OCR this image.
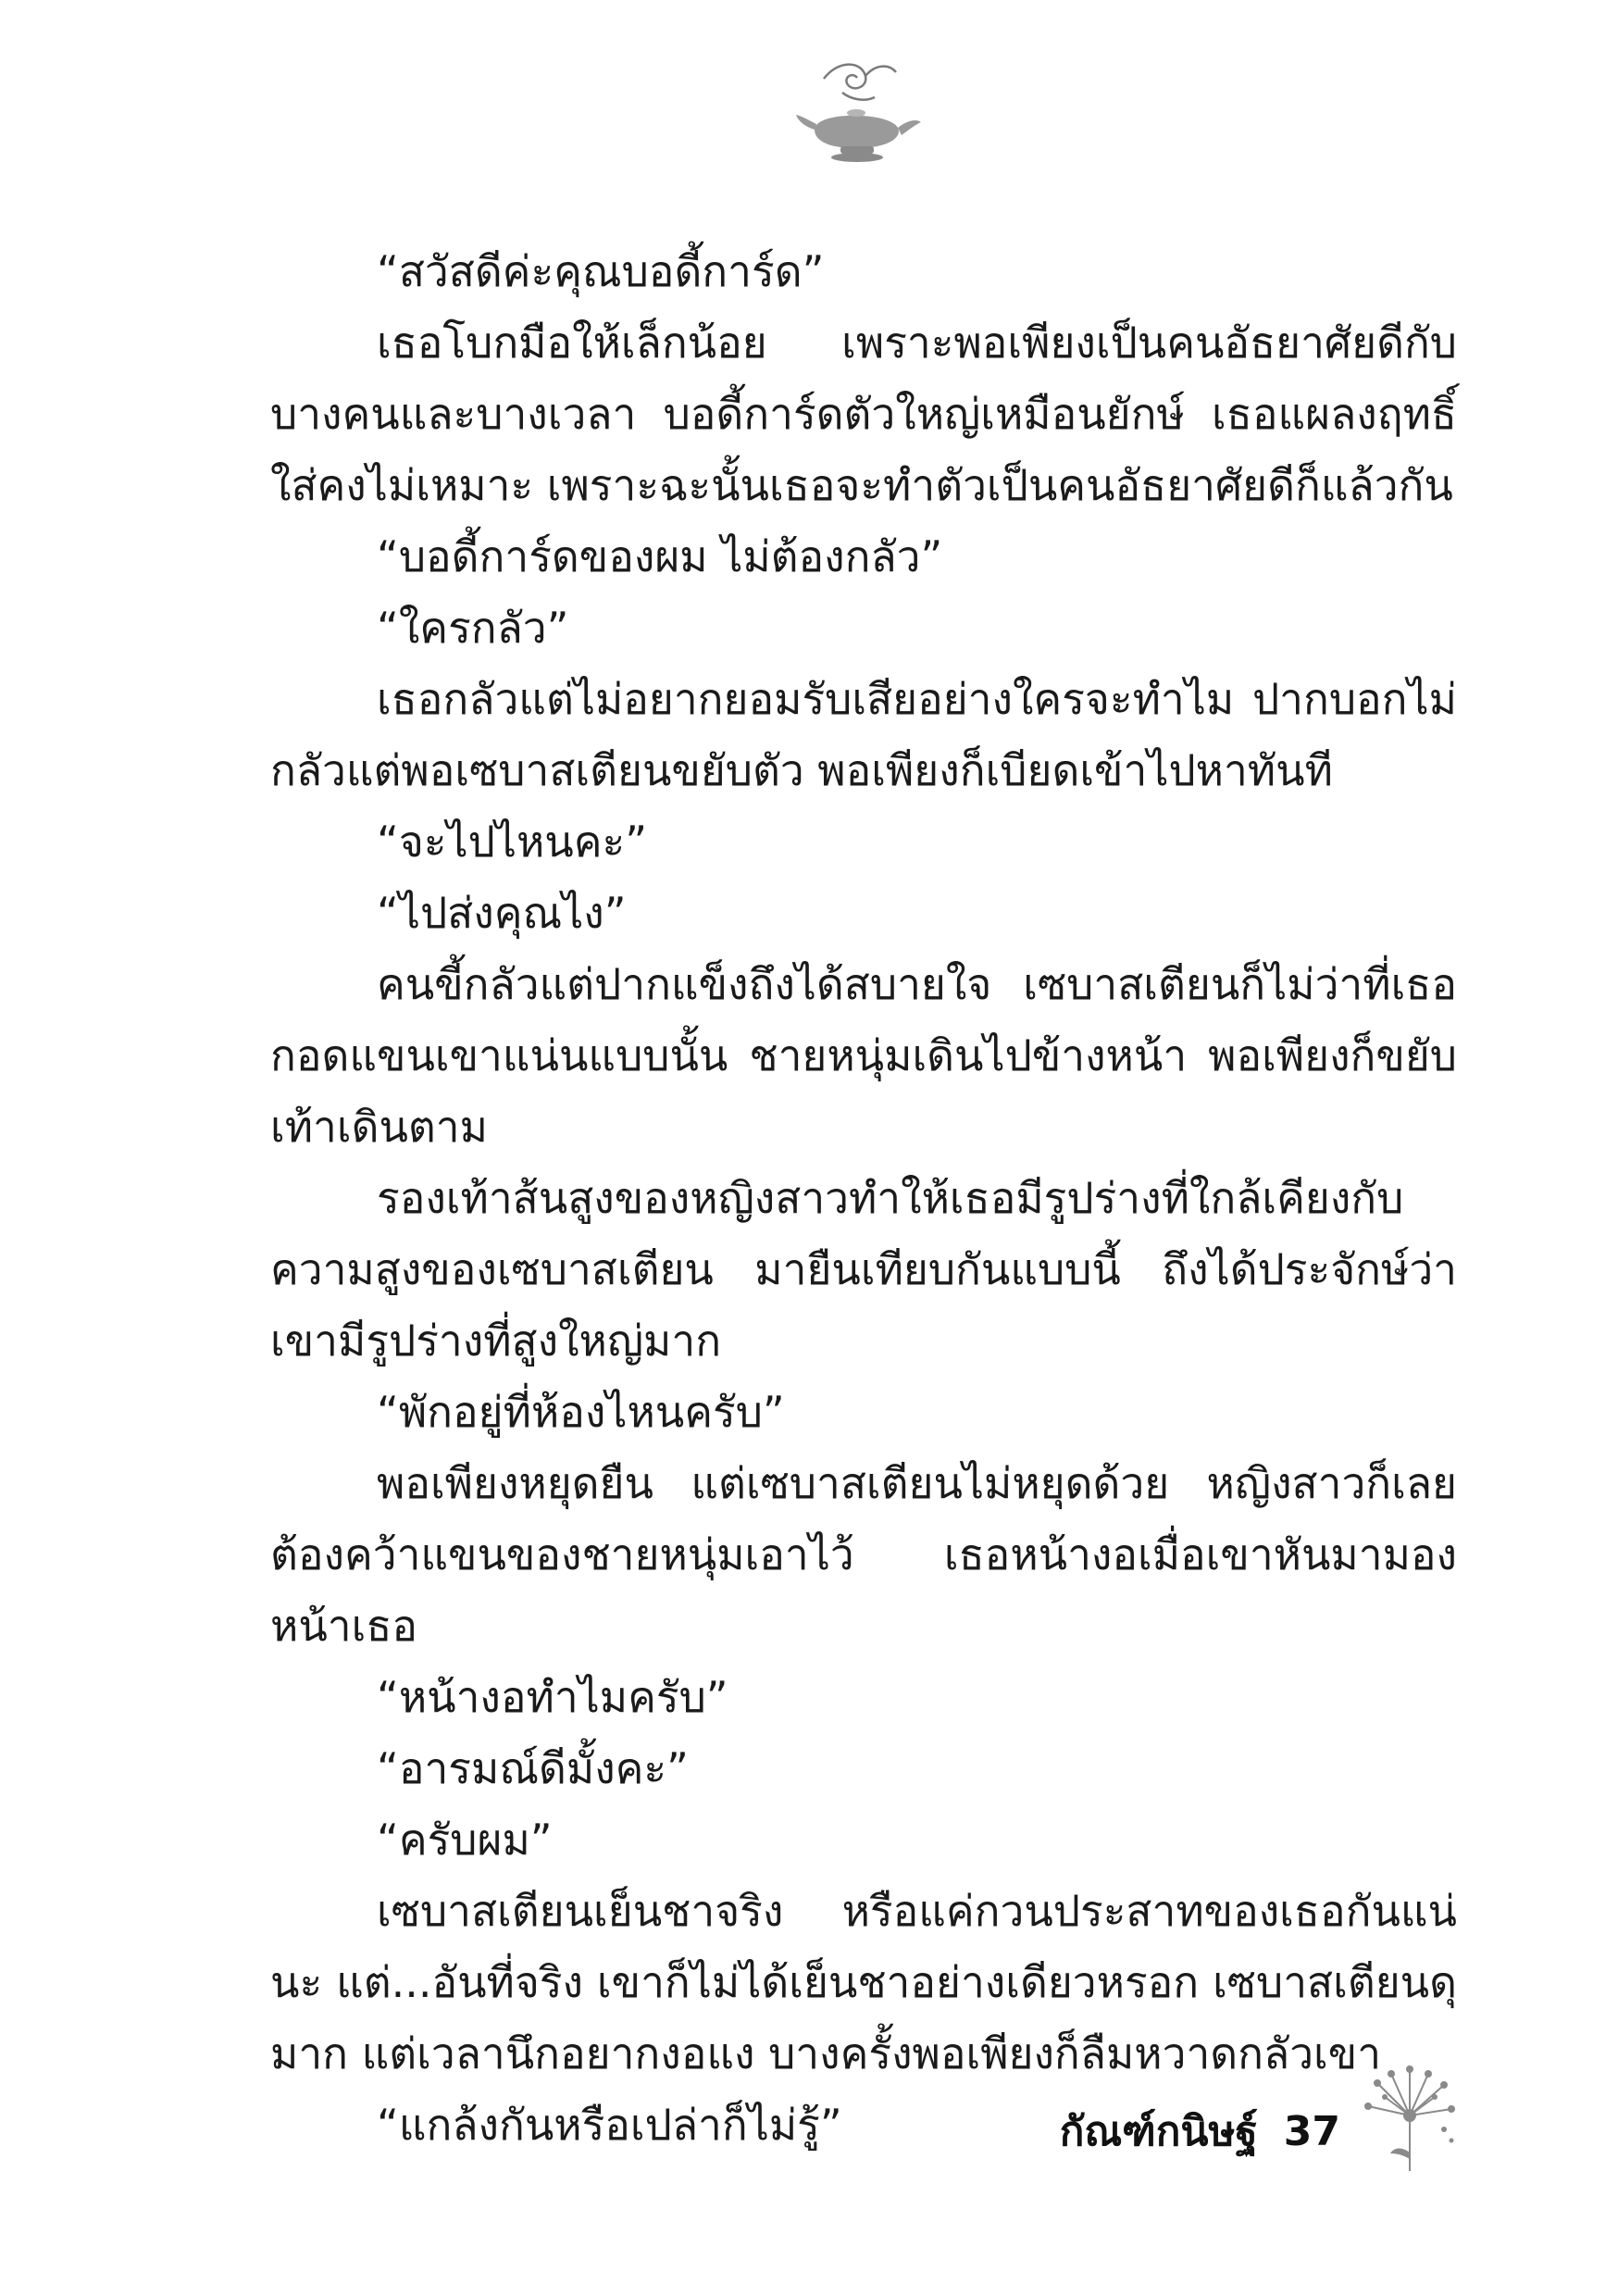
“สวัสดีค่ะคุณบอดี้การ์ด”

เธอโบกมือให้เล็กน้อย เพราะพอเพียงเป็นคนอัธยาศัยดีกับบางคนและบางเวลา บอดี้การ์ดตัวใหญ่เหมือนยักษ์ เธอแผลงฤทธิ์ใส่คงไม่เหมาะ เพราะฉะนั้นเธอจะทำตัวเป็นคนอัธยาศัยดีก็แล้วกัน

“บอดี้การ์ดของผม ไม่ต้องกลัว”

“ใครกลัว”

เธอกลัวแต่ไม่อยากยอมรับเสียอย่างใครจะทำไม ปากบอกไม่กลัวแต่พอเซบาสเตียนขยับตัว พอเพียงก็เบียดเข้าไปหาทันที

“จะไปไหนคะ”

“ไปส่งคุณไง”

คนขี้กลัวแต่ปากแข็งถึงได้สบายใจ เซบาสเตียนก็ไม่ว่าที่เธอกอดแขนเขาแน่นแบบนั้น ชายหนุ่มเดินไปข้างหน้า พอเพียงก็ขยับเท้าเดินตาม

รองเท้าส้นสูงของหญิงสาวทำให้เธอมีรูปร่างที่ใกล้เคียงกับความสูงของเซบาสเตียน มายืนเทียบกันแบบนี้ ถึงได้ประจักษ์ว่าเขามีรูปร่างที่สูงใหญ่มาก

“พักอยู่ที่ห้องไหนครับ”

พอเพียงหยุดยืน แต่เซบาสเตียนไม่หยุดด้วย หญิงสาวก็เลยต้องคว้าแขนของชายหนุ่มเอาไว้ เธอหน้างอเมื่อเขาหันมามองหน้าเธอ

“หน้างอทำไมครับ”

“อารมณ์ดีมั้งคะ”

“ครับผม”

เซบาสเตียนเย็นชาจริง หรือแค่กวนประสาทของเธอกันแน่นะ แต่...อันที่จริง เขาก็ไม่ได้เย็นชาอย่างเดียวหรอก เซบาสเตียนดุมาก แต่เวลานึกอยากงอแง บางครั้งพอเพียงก็ลืมหวาดกลัวเขา

“แกล้งกันหรือเปล่าก็ไม่รู้”	กัณฑ์กนิษฐ์ 37
